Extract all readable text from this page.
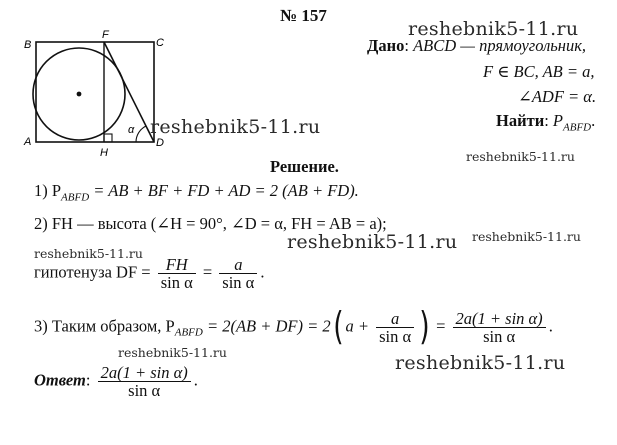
№ 157
reshebnik5-11.ru
B
F
C
A
H
D
α
Дано: ABCD — прямоугольник,
F ∈ BC, AB = a,
∠ADF = α.
Найти: $P_{ABFD}$.
reshebnik5-11.ru
reshebnik5-11.ru
Решение.
1) $P_{ABFD}$ = AB + BF + FD + AD = 2 (AB + FD).
2) FH — высота (∠H = 90°, ∠D = α, FH = AB = a);
reshebnik5-11.ru reshebnik5-11.ru
reshebnik5-11.ru
гипотенуза DF = $\frac{FH}{\text{sin α}} = \frac{a}{\text{sin α}}$ .
3) Таким образом, $P_{ABFD} = 2(AB + DF) = 2$( $a + \frac{a}{\text{sin α}}$ ) = $\frac{\text{2a(1 + sin α)}}{\text{sin α}}$ .
reshebnik5-11.ru	reshebnik5-11.ru
Ответ: $\frac{\text{2a(1 + sin α)}}{\text{sin α}}$ .
